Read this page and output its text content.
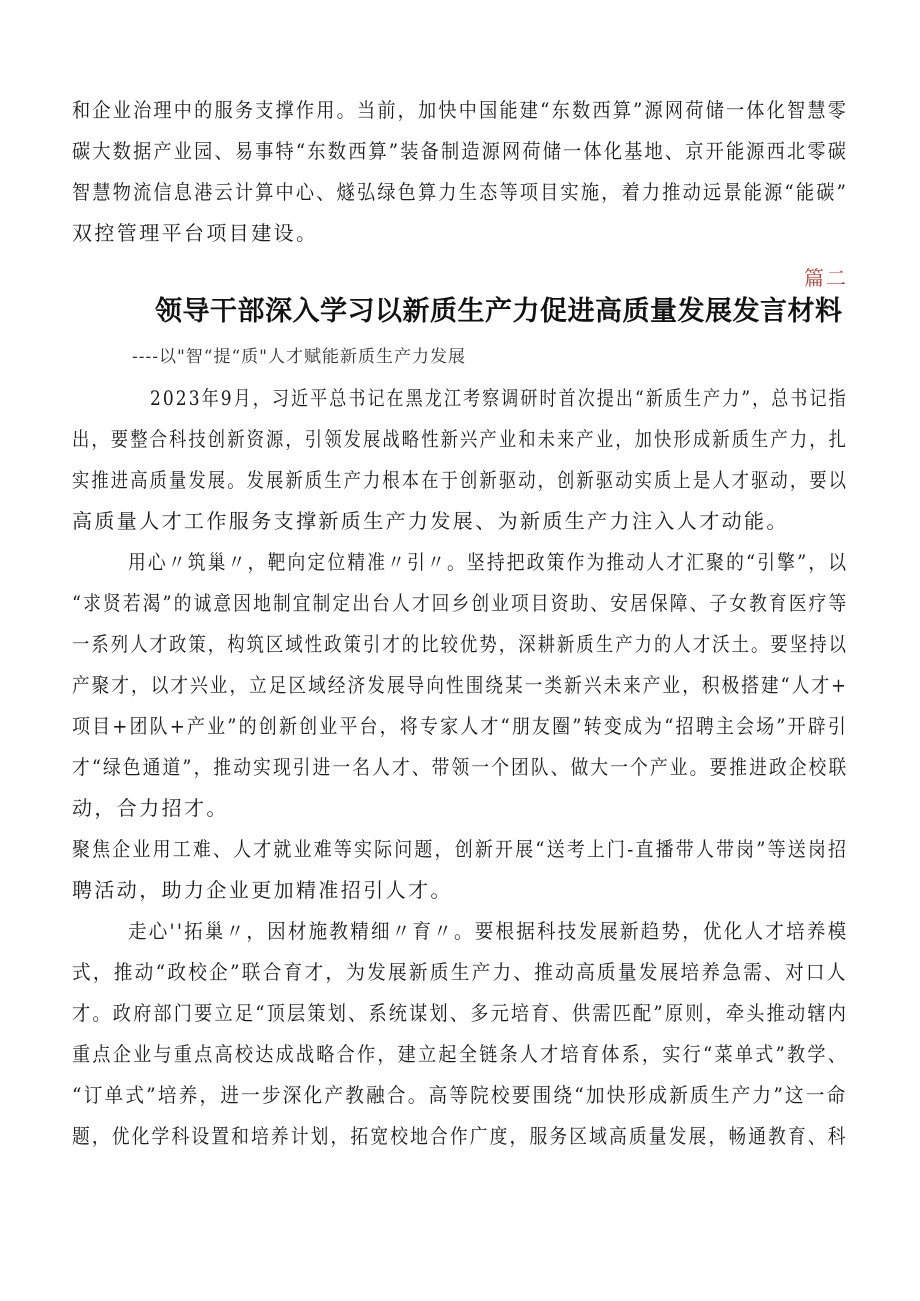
和企业治理中的服务支撑作用。当前，加快中国能建“东数西算”源网荷储一体化智慧零
碳大数据产业园、易事特“东数西算”装备制造源网荷储一体化基地、京开能源西北零碳
智慧物流信息港云计算中心、燧弘绿色算力生态等项目实施，着力推动远景能源“能碳”
双控管理平台项目建设。
篇二
领导干部深入学习以新质生产力促进高质量发展发言材料
----以"智“提“质"人才赋能新质生产力发展
2023年9月，习近平总书记在黑龙江考察调研时首次提出“新质生产力”，总书记指
出，要整合科技创新资源，引领发展战略性新兴产业和未来产业，加快形成新质生产力，扎
实推进高质量发展。发展新质生产力根本在于创新驱动，创新驱动实质上是人才驱动，要以
高质量人才工作服务支撑新质生产力发展、为新质生产力注入人才动能。
用心〃筑巢〃，靶向定位精准〃引〃。坚持把政策作为推动人才汇聚的“引擎”，以
“求贤若渴”的诚意因地制宜制定出台人才回乡创业项目资助、安居保障、子女教育医疗等
一系列人才政策，构筑区域性政策引才的比较优势，深耕新质生产力的人才沃土。要坚持以
产聚才，以才兴业，立足区域经济发展导向性围绕某一类新兴未来产业，积极搭建“人才+
项目+团队+产业”的创新创业平台，将专家人才“朋友圈”转变成为“招聘主会场”开辟引
才“绿色通道”，推动实现引进一名人才、带领一个团队、做大一个产业。要推进政企校联
动，合力招才。
聚焦企业用工难、人才就业难等实际问题，创新开展“送考上门-直播带人带岗”等送岗招
聘活动，助力企业更加精准招引人才。
走心''拓巢〃，因材施教精细〃育〃。要根据科技发展新趋势，优化人才培养模
式，推动“政校企”联合育才，为发展新质生产力、推动高质量发展培养急需、对口人
才。政府部门要立足“顶层策划、系统谋划、多元培育、供需匹配”原则，牵头推动辖内
重点企业与重点高校达成战略合作，建立起全链条人才培育体系，实行“菜单式”教学、
“订单式”培养，进一步深化产教融合。高等院校要围绕“加快形成新质生产力”这一命
题，优化学科设置和培养计划，拓宽校地合作广度，服务区域高质量发展，畅通教育、科
